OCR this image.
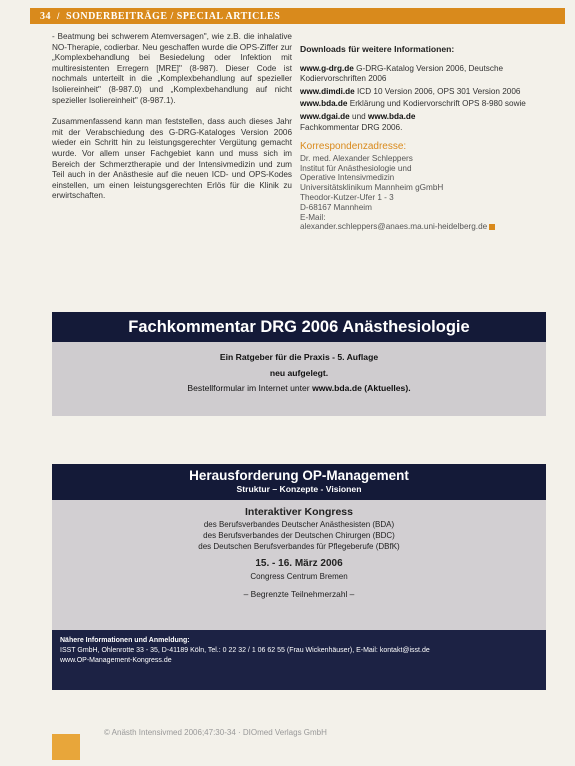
34 / SONDERBEITRÄGE / SPECIAL ARTICLES

- Beatmung bei schwerem Atemversagen", wie z.B. die inhalative NO-Therapie, codierbar. Neu geschaffen wurde die OPS-Ziffer zur „Komplexbehandlung bei Besiedelung oder Infektion mit multiresistenten Erregern [MRE]" (8-987). Dieser Code ist nochmals unterteilt in die „Komplexbehandlung auf spezieller Isoliereinheit" (8-987.0) und „Komplexbehandlung auf nicht spezieller Isoliereinheit" (8-987.1).

Zusammenfassend kann man feststellen, dass auch dieses Jahr mit der Verabschiedung des G-DRG-Kataloges Version 2006 wieder ein Schritt hin zu leistungsgerechter Vergütung gemacht wurde. Vor allem unser Fachgebiet kann und muss sich im Bereich der Schmerztherapie und der Intensivmedizin und zum Teil auch in der Anästhesie auf die neuen ICD- und OPS-Kodes einstellen, um einen leistungsgerechten Erlös für die Klinik zu erwirtschaften.

Downloads für weitere Informationen:
www.g-drg.de G-DRG-Katalog Version 2006, Deutsche Kodiervorschriften 2006
www.dimdi.de ICD 10 Version 2006, OPS 301 Version 2006
www.bda.de Erklärung und Kodiervorschrift OPS 8-980 sowie
www.dgai.de und www.bda.de
Fachkommentar DRG 2006.
Korrespondenzadresse:
Dr. med. Alexander Schleppers
Institut für Anästhesiologie und
Operative Intensivmedizin
Universitätsklinikum Mannheim gGmbH
Theodor-Kutzer-Ufer 1 - 3
D-68167 Mannheim
E-Mail:
alexander.schleppers@anaes.ma.uni-heidelberg.de
Fachkommentar DRG 2006 Anästhesiologie
Ein Ratgeber für die Praxis - 5. Auflage
neu aufgelegt.
Bestellformular im Internet unter www.bda.de (Aktuelles).
Herausforderung OP-Management
Struktur – Konzepte - Visionen
Interaktiver Kongress
des Berufsverbandes Deutscher Anästhesisten (BDA)
des Berufsverbandes der Deutschen Chirurgen (BDC)
des Deutschen Berufsverbandes für Pflegeberufe (DBfK)
15. - 16. März 2006
Congress Centrum Bremen
– Begrenzte Teilnehmerzahl –
Nähere Informationen und Anmeldung:
ISST GmbH, Ohlenrotte 33 - 35, D-41189 Köln, Tel.: 0 22 32 / 1 06 62 55 (Frau Wickenhäuser), E-Mail: kontakt@isst.de
www.OP-Management-Kongress.de
© Anästh Intensivmed 2006;47:30-34 · DIOmed Verlags GmbH
